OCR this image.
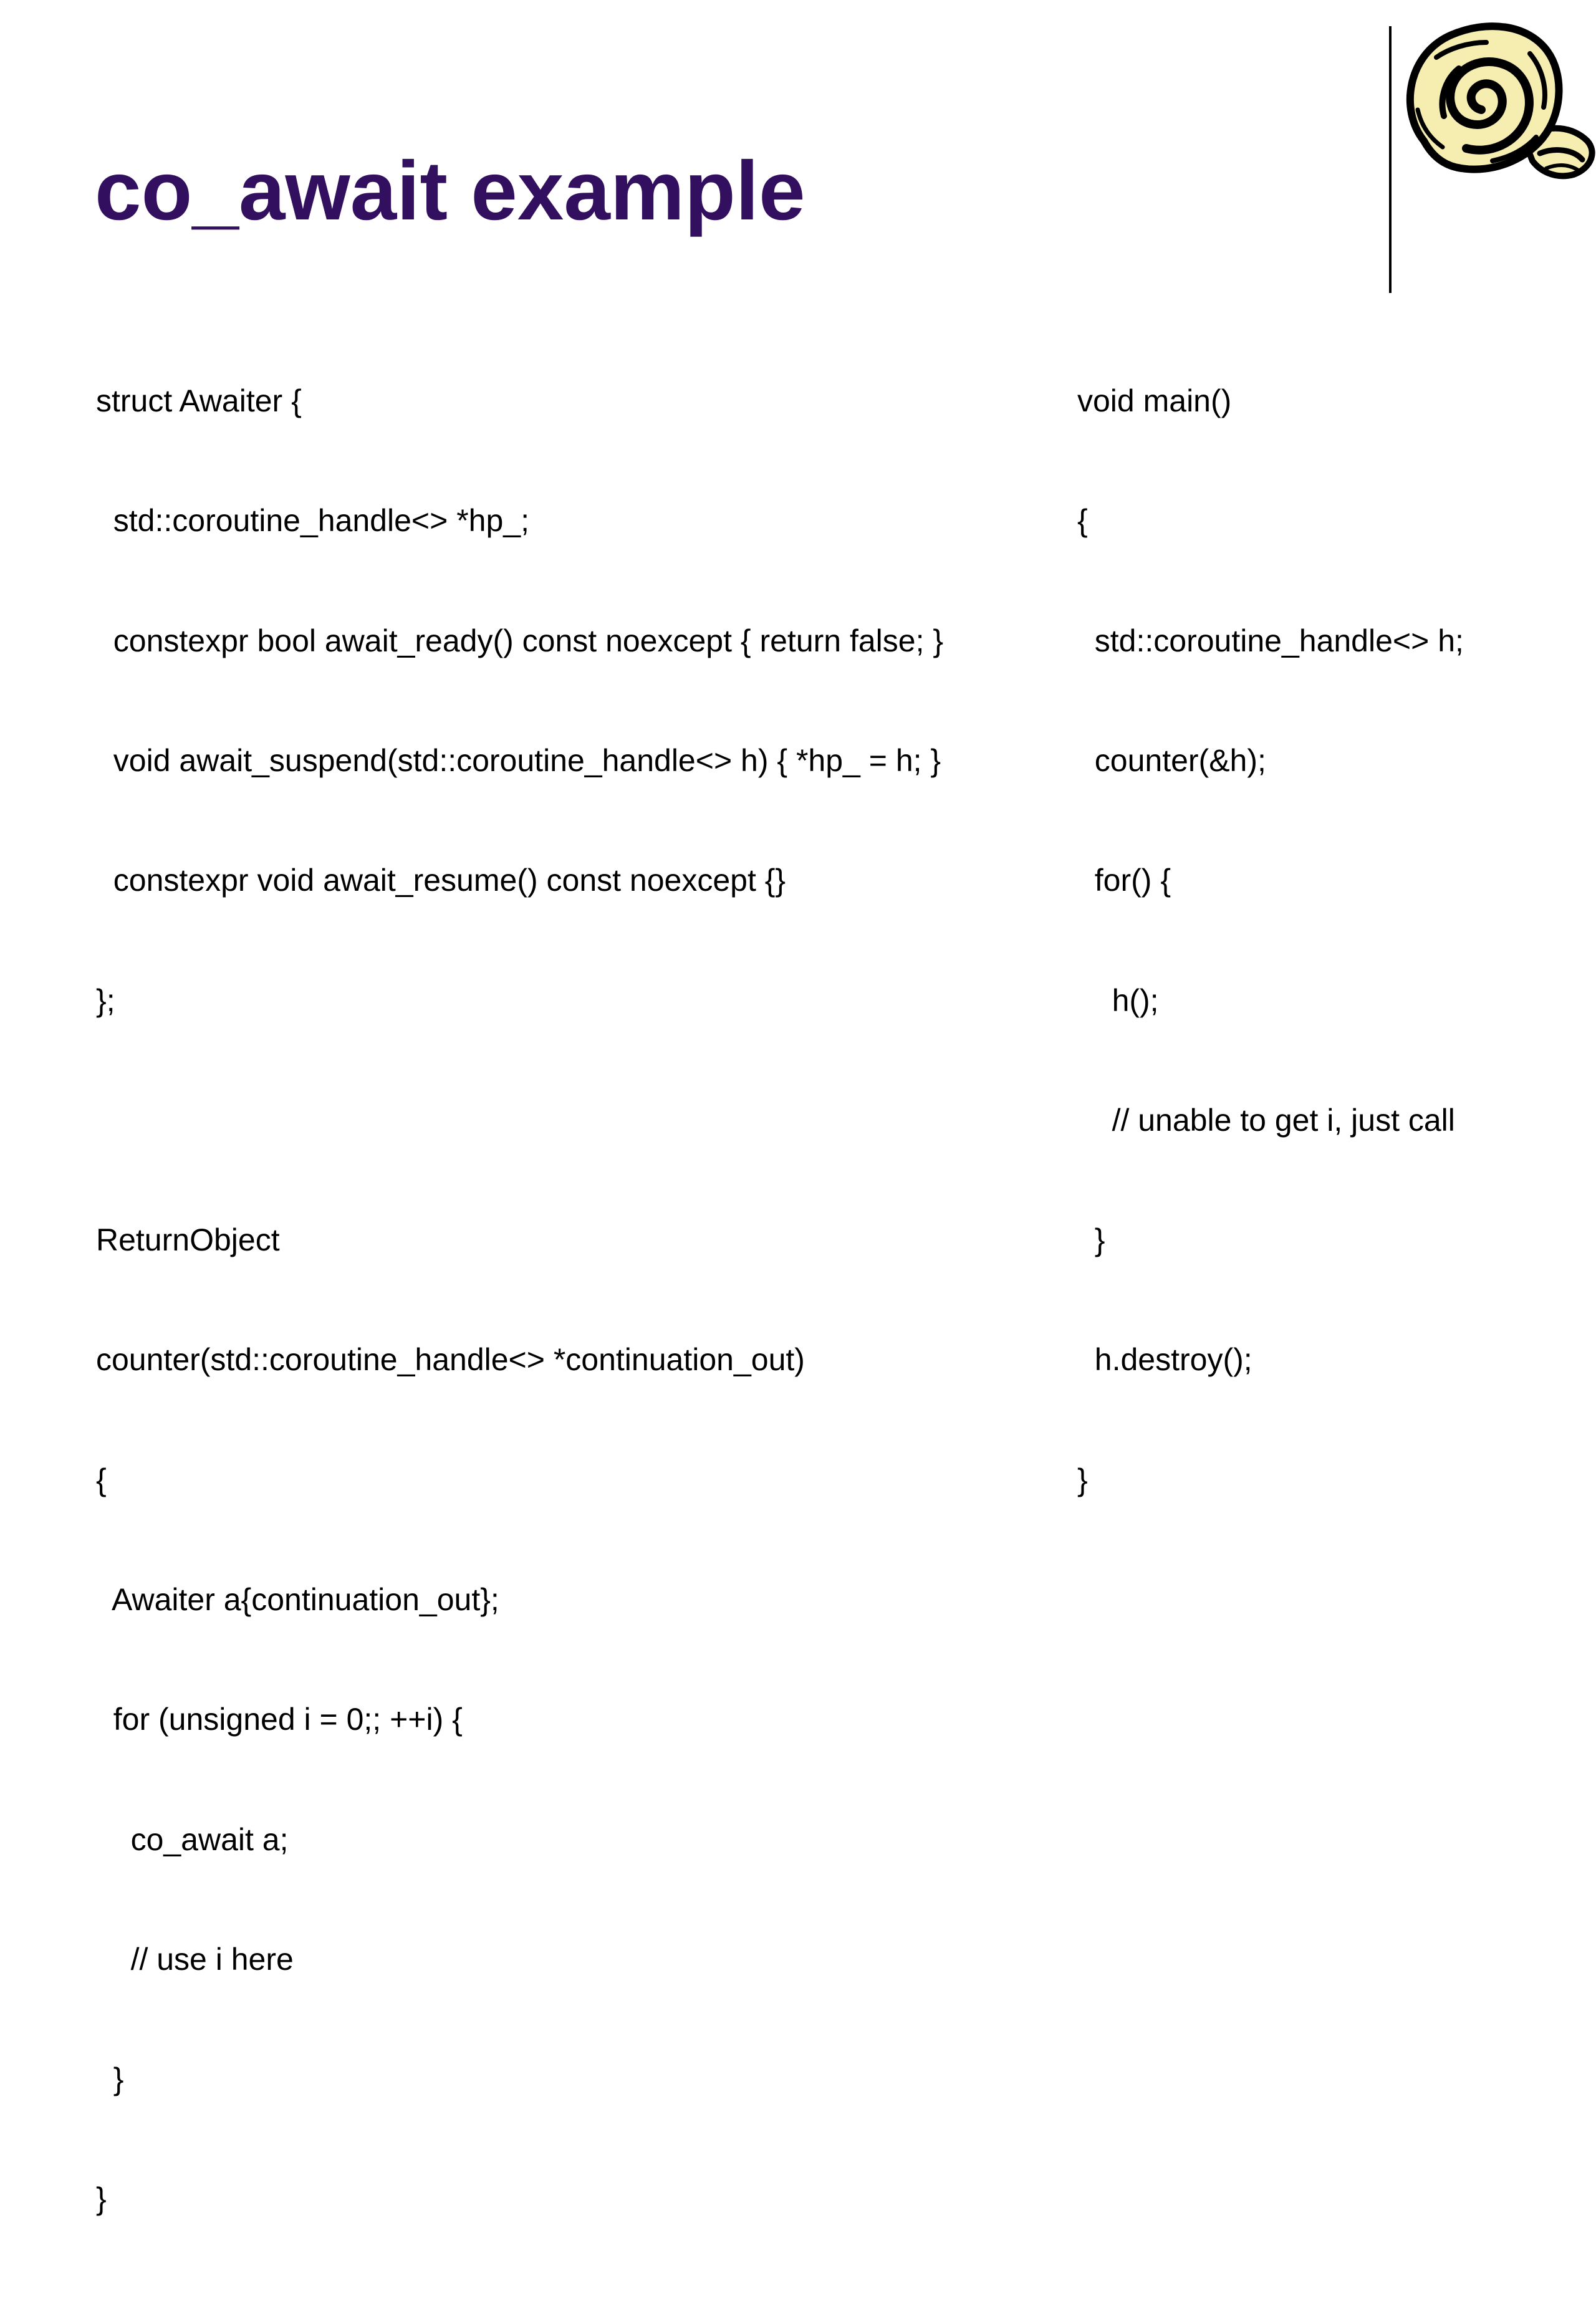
co_await example

struct Awaiter {

std::coroutine_handle<> *hp_;

constexpr bool await_ready() const noexcept { return false; }

void await_suspend(std::coroutine_handle<> h) { *hp_ = h; }

constexpr void await_resume() const noexcept {}

};

ReturnObject

counter(std::coroutine_handle<> *continuation_out)

{

Awaiter a{continuation_out};

for (unsigned i = 0;; ++i) {

co_await a;

// use i here

}

}

void main()

{

std::coroutine_handle<> h;

counter(&h);

for() {

h();

// unable to get i, just call

}

h.destroy();

}
